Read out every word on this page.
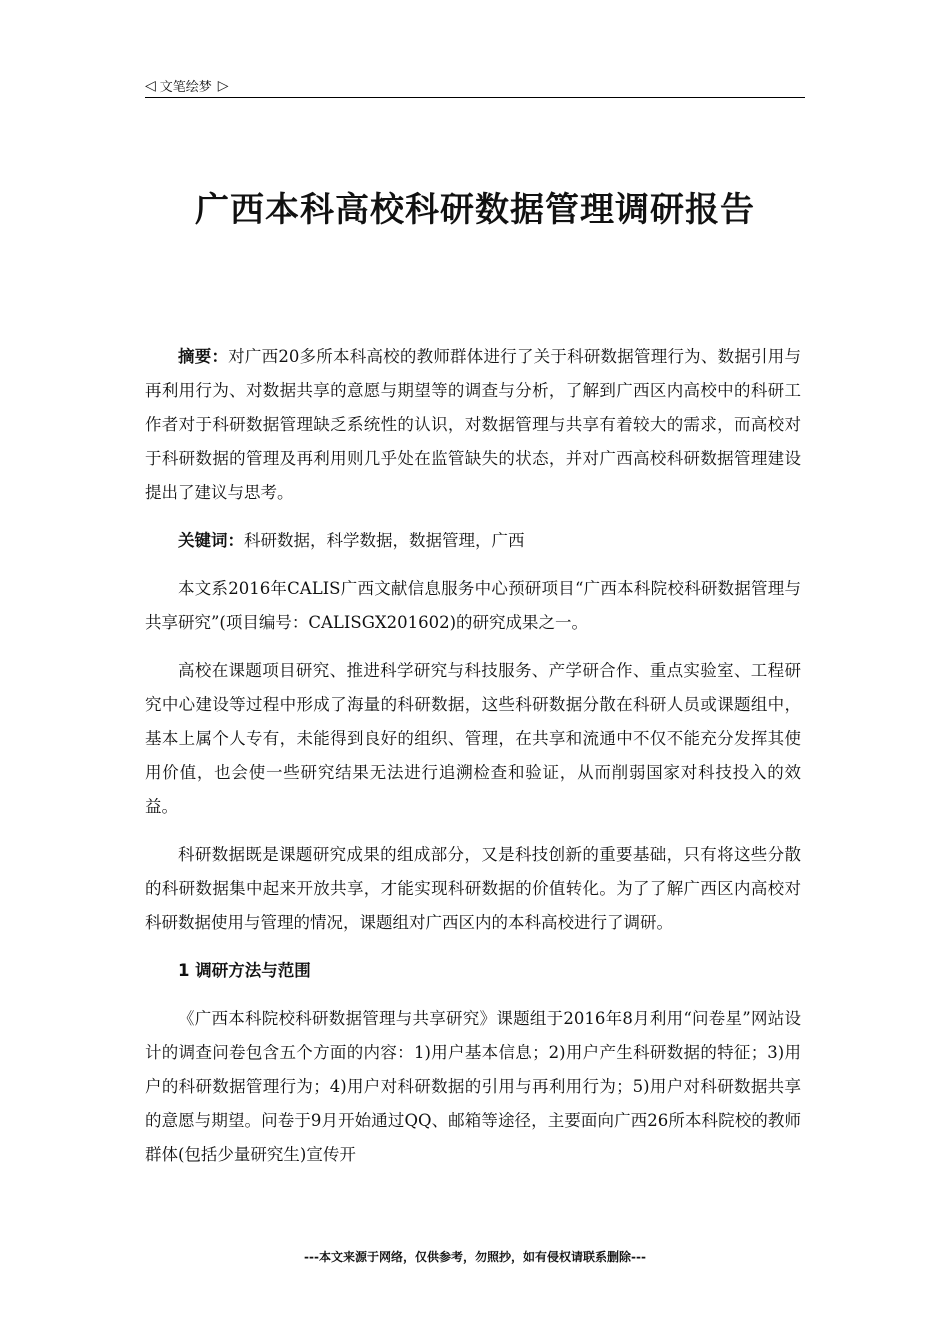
◁ 文笔绘梦 ▷
广西本科高校科研数据管理调研报告

摘要：对广西20多所本科高校的教师群体进行了关于科研数据管理行为、数据引用与再利用行为、对数据共享的意愿与期望等的调查与分析，了解到广西区内高校中的科研工作者对于科研数据管理缺乏系统性的认识，对数据管理与共享有着较大的需求，而高校对于科研数据的管理及再利用则几乎处在监管缺失的状态，并对广西高校科研数据管理建设提出了建议与思考。

关键词：科研数据，科学数据，数据管理，广西

本文系2016年CALIS广西文献信息服务中心预研项目“广西本科院校科研数据管理与共享研究”(项目编号：CALISGX201602)的研究成果之一。

高校在课题项目研究、推进科学研究与科技服务、产学研合作、重点实验室、工程研究中心建设等过程中形成了海量的科研数据，这些科研数据分散在科研人员或课题组中，基本上属个人专有，未能得到良好的组织、管理，在共享和流通中不仅不能充分发挥其使用价值，也会使一些研究结果无法进行追溯检查和验证，从而削弱国家对科技投入的效益。

科研数据既是课题研究成果的组成部分，又是科技创新的重要基础，只有将这些分散的科研数据集中起来开放共享，才能实现科研数据的价值转化。为了了解广西区内高校对科研数据使用与管理的情况，课题组对广西区内的本科高校进行了调研。

1 调研方法与范围

《广西本科院校科研数据管理与共享研究》课题组于2016年8月利用“问卷星”网站设计的调查问卷包含五个方面的内容：1)用户基本信息；2)用户产生科研数据的特征；3)用户的科研数据管理行为；4)用户对科研数据的引用与再利用行为；5)用户对科研数据共享的意愿与期望。问卷于9月开始通过QQ、邮箱等途径，主要面向广西26所本科院校的教师群体(包括少量研究生)宣传开

---本文来源于网络，仅供参考，勿照抄，如有侵权请联系删除---
